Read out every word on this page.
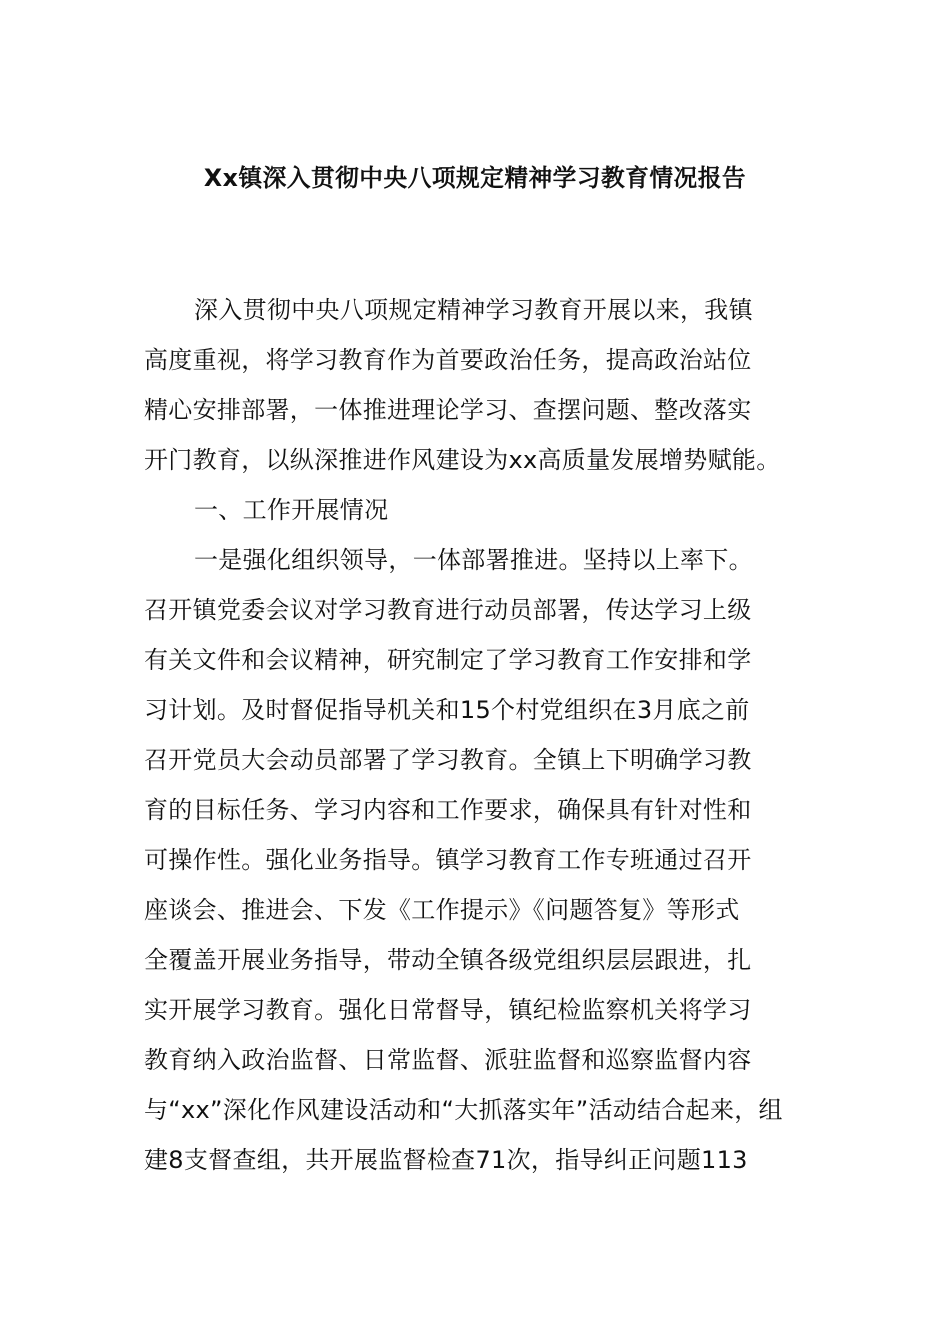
Xx镇深入贯彻中央八项规定精神学习教育情况报告
深入贯彻中央八项规定精神学习教育开展以来，我镇
高度重视，将学习教育作为首要政治任务，提高政治站位
精心安排部署，一体推进理论学习、查摆问题、整改落实
开门教育，以纵深推进作风建设为xx高质量发展增势赋能。
一、工作开展情况
一是强化组织领导，一体部署推进。坚持以上率下。
召开镇党委会议对学习教育进行动员部署，传达学习上级
有关文件和会议精神，研究制定了学习教育工作安排和学
习计划。及时督促指导机关和15个村党组织在3月底之前
召开党员大会动员部署了学习教育。全镇上下明确学习教
育的目标任务、学习内容和工作要求，确保具有针对性和
可操作性。强化业务指导。镇学习教育工作专班通过召开
座谈会、推进会、下发《工作提示》《问题答复》等形式
全覆盖开展业务指导，带动全镇各级党组织层层跟进，扎
实开展学习教育。强化日常督导，镇纪检监察机关将学习
教育纳入政治监督、日常监督、派驻监督和巡察监督内容
与“xx”深化作风建设活动和“大抓落实年”活动结合起来，组
建8支督查组，共开展监督检查71次，指导纠正问题113
